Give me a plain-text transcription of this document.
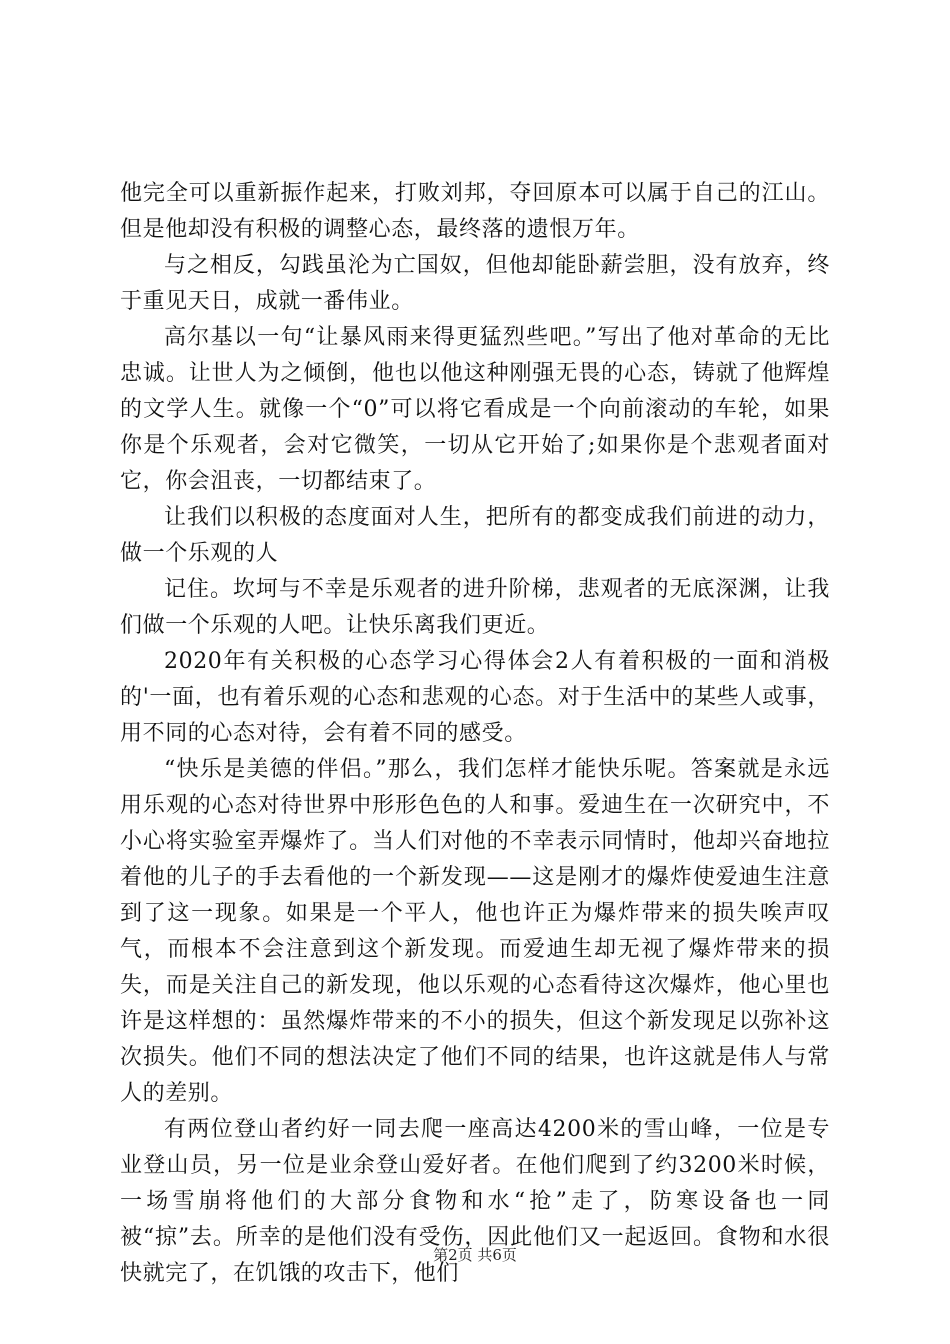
他完全可以重新振作起来，打败刘邦，夺回原本可以属于自己的江山。但是他却没有积极的调整心态，最终落的遗恨万年。

与之相反，勾践虽沦为亡国奴，但他却能卧薪尝胆，没有放弃，终于重见天日，成就一番伟业。

高尔基以一句“让暴风雨来得更猛烈些吧。”写出了他对革命的无比忠诚。让世人为之倾倒，他也以他这种刚强无畏的心态，铸就了他辉煌的文学人生。就像一个“0”可以将它看成是一个向前滚动的车轮，如果你是个乐观者，会对它微笑，一切从它开始了;如果你是个悲观者面对它，你会沮丧，一切都结束了。

让我们以积极的态度面对人生，把所有的都变成我们前进的动力，做一个乐观的人

记住。坎坷与不幸是乐观者的进升阶梯，悲观者的无底深渊，让我们做一个乐观的人吧。让快乐离我们更近。

2020年有关积极的心态学习心得体会2人有着积极的一面和消极的'一面，也有着乐观的心态和悲观的心态。对于生活中的某些人或事，用不同的心态对待，会有着不同的感受。

“快乐是美德的伴侣。”那么，我们怎样才能快乐呢。答案就是永远用乐观的心态对待世界中形形色色的人和事。爱迪生在一次研究中，不小心将实验室弄爆炸了。当人们对他的不幸表示同情时，他却兴奋地拉着他的儿子的手去看他的一个新发现——这是刚才的爆炸使爱迪生注意到了这一现象。如果是一个平人，他也许正为爆炸带来的损失唉声叹气，而根本不会注意到这个新发现。而爱迪生却无视了爆炸带来的损失，而是关注自己的新发现，他以乐观的心态看待这次爆炸，他心里也许是这样想的：虽然爆炸带来的不小的损失，但这个新发现足以弥补这次损失。他们不同的想法决定了他们不同的结果，也许这就是伟人与常人的差别。

有两位登山者约好一同去爬一座高达4200米的雪山峰，一位是专业登山员，另一位是业余登山爱好者。在他们爬到了约3200米时候，一场雪崩将他们的大部分食物和水“抢”走了，防寒设备也一同被“掠”去。所幸的是他们没有受伤，因此他们又一起返回。食物和水很快就完了，在饥饿的攻击下，他们

第2页 共6页
